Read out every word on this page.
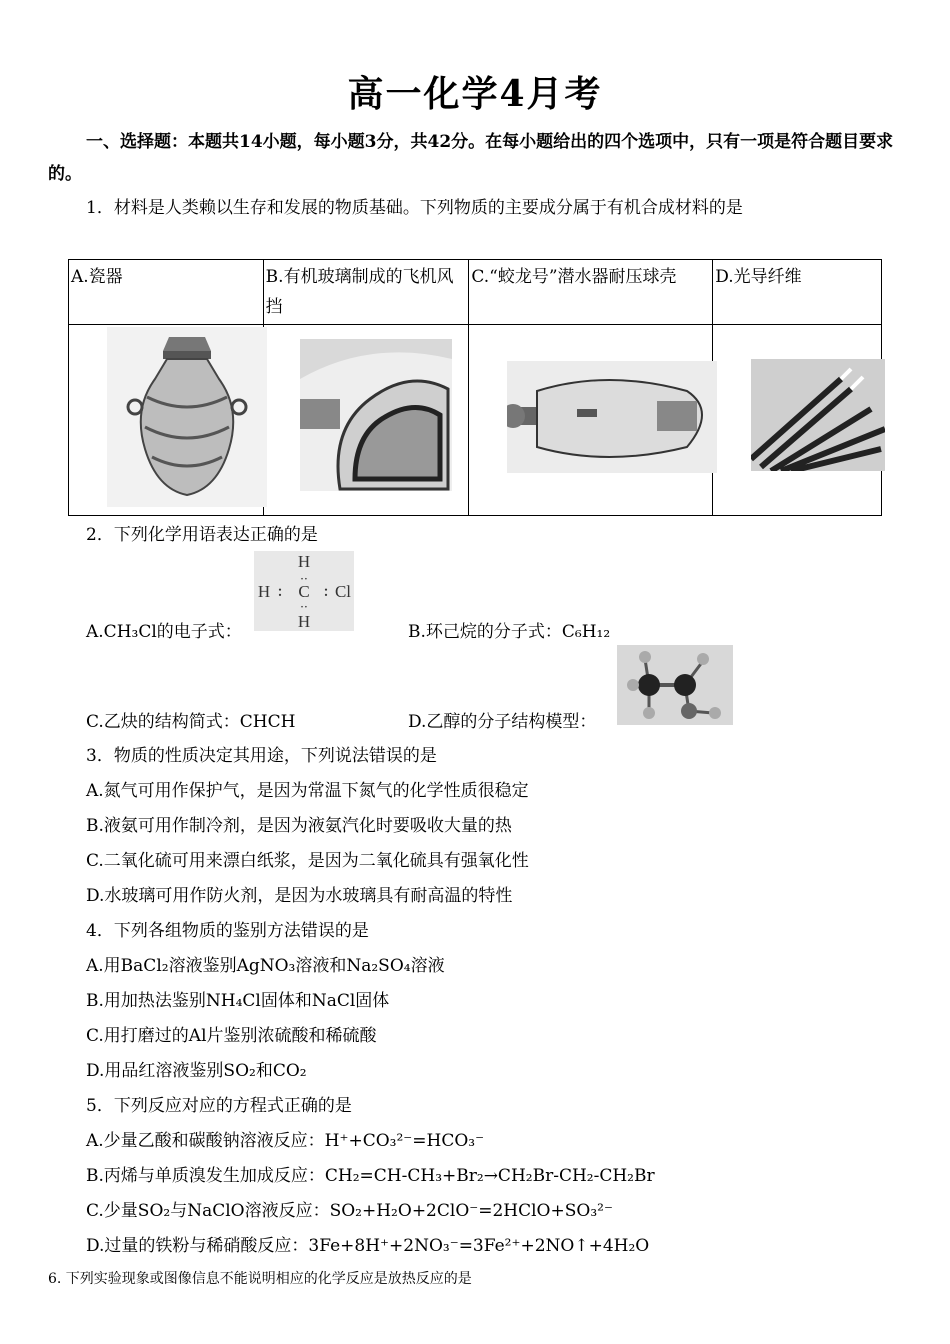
高一化学4月考
一、选择题：本题共14小题，每小题3分，共42分。在每小题给出的四个选项中，只有一项是符合题目要求的。
1．材料是人类赖以生存和发展的物质基础。下列物质的主要成分属于有机合成材料的是
A.瓷器	B.有机玻璃制成的飞机风挡	C.“蛟龙号”潜水器耐压球壳	D.光导纤维

2．下列化学用语表达正确的是
A.CH₃Cl的电子式：
H
H : C : Cl
··
··
H
B.环己烷的分子式：C₆H₁₂
C.乙炔的结构简式：CHCH	D.乙醇的分子结构模型：
3．物质的性质决定其用途，下列说法错误的是
A.氮气可用作保护气，是因为常温下氮气的化学性质很稳定
B.液氨可用作制冷剂，是因为液氨汽化时要吸收大量的热
C.二氧化硫可用来漂白纸浆，是因为二氧化硫具有强氧化性
D.水玻璃可用作防火剂，是因为水玻璃具有耐高温的特性
4．下列各组物质的鉴别方法错误的是
A.用BaCl₂溶液鉴别AgNO₃溶液和Na₂SO₄溶液
B.用加热法鉴别NH₄Cl固体和NaCl固体
C.用打磨过的Al片鉴别浓硫酸和稀硫酸
D.用品红溶液鉴别SO₂和CO₂
5．下列反应对应的方程式正确的是
A.少量乙酸和碳酸钠溶液反应：H⁺+CO₃²⁻=HCO₃⁻
B.丙烯与单质溴发生加成反应：CH₂=CH-CH₃+Br₂→CH₂Br-CH₂-CH₂Br
C.少量SO₂与NaClO溶液反应：SO₂+H₂O+2ClO⁻=2HClO+SO₃²⁻
D.过量的铁粉与稀硝酸反应：3Fe+8H⁺+2NO₃⁻=3Fe²⁺+2NO↑+4H₂O
6. 下列实验现象或图像信息不能说明相应的化学反应是放热反应的是
